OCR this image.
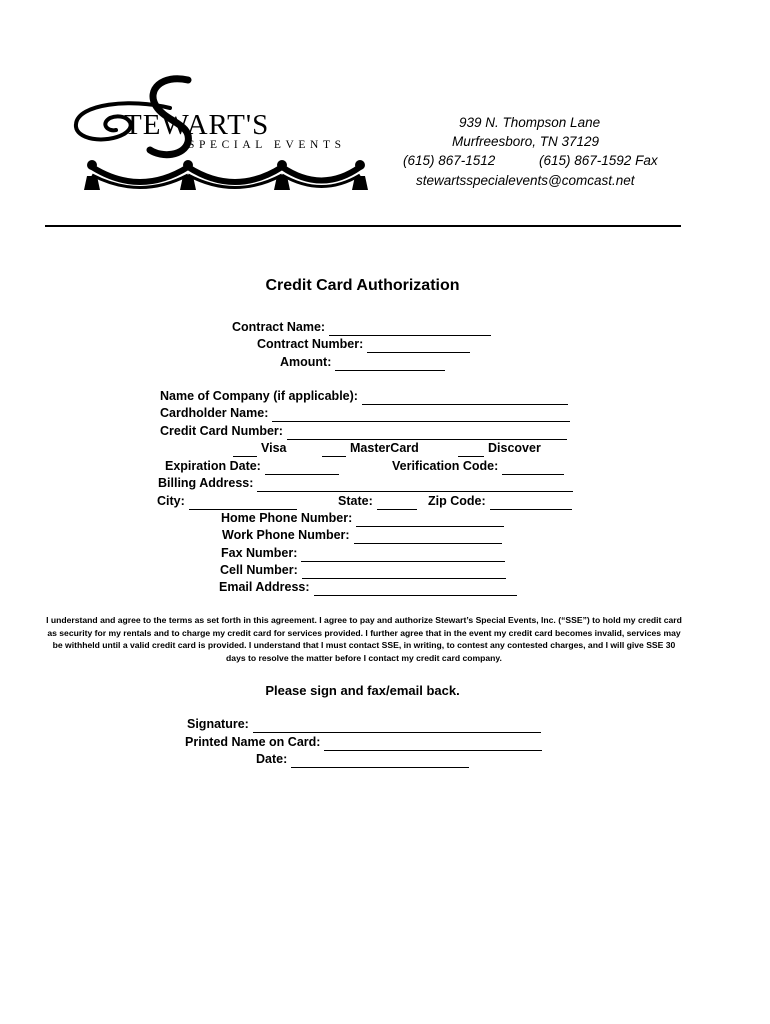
TEWART'S
SPECIAL EVENTS
939 N. Thompson Lane
Murfreesboro, TN 37129
(615) 867-1512	(615) 867-1592 Fax
stewartsspecialevents@comcast.net
Credit Card Authorization
Contract Name:
Contract Number:
Amount:
Name of Company (if applicable):
Cardholder Name:
Credit Card Number:
Visa	MasterCard	Discover
Expiration Date:	Verification Code:
Billing Address:
City:	State:	Zip Code:
Home Phone Number:
Work Phone Number:
Fax Number:
Cell Number:
Email Address:
I understand and agree to the terms as set forth in this agreement. I agree to pay and authorize Stewart’s Special Events, Inc. (“SSE”) to hold my credit card as security for my rentals and to charge my credit card for services provided. I further agree that in the event my credit card becomes invalid, services may be withheld until a valid credit card is provided. I understand that I must contact SSE, in writing, to contest any contested charges, and I will give SSE 30 days to resolve the matter before I contact my credit card company.
Please sign and fax/email back.
Signature:
Printed Name on Card:
Date:
